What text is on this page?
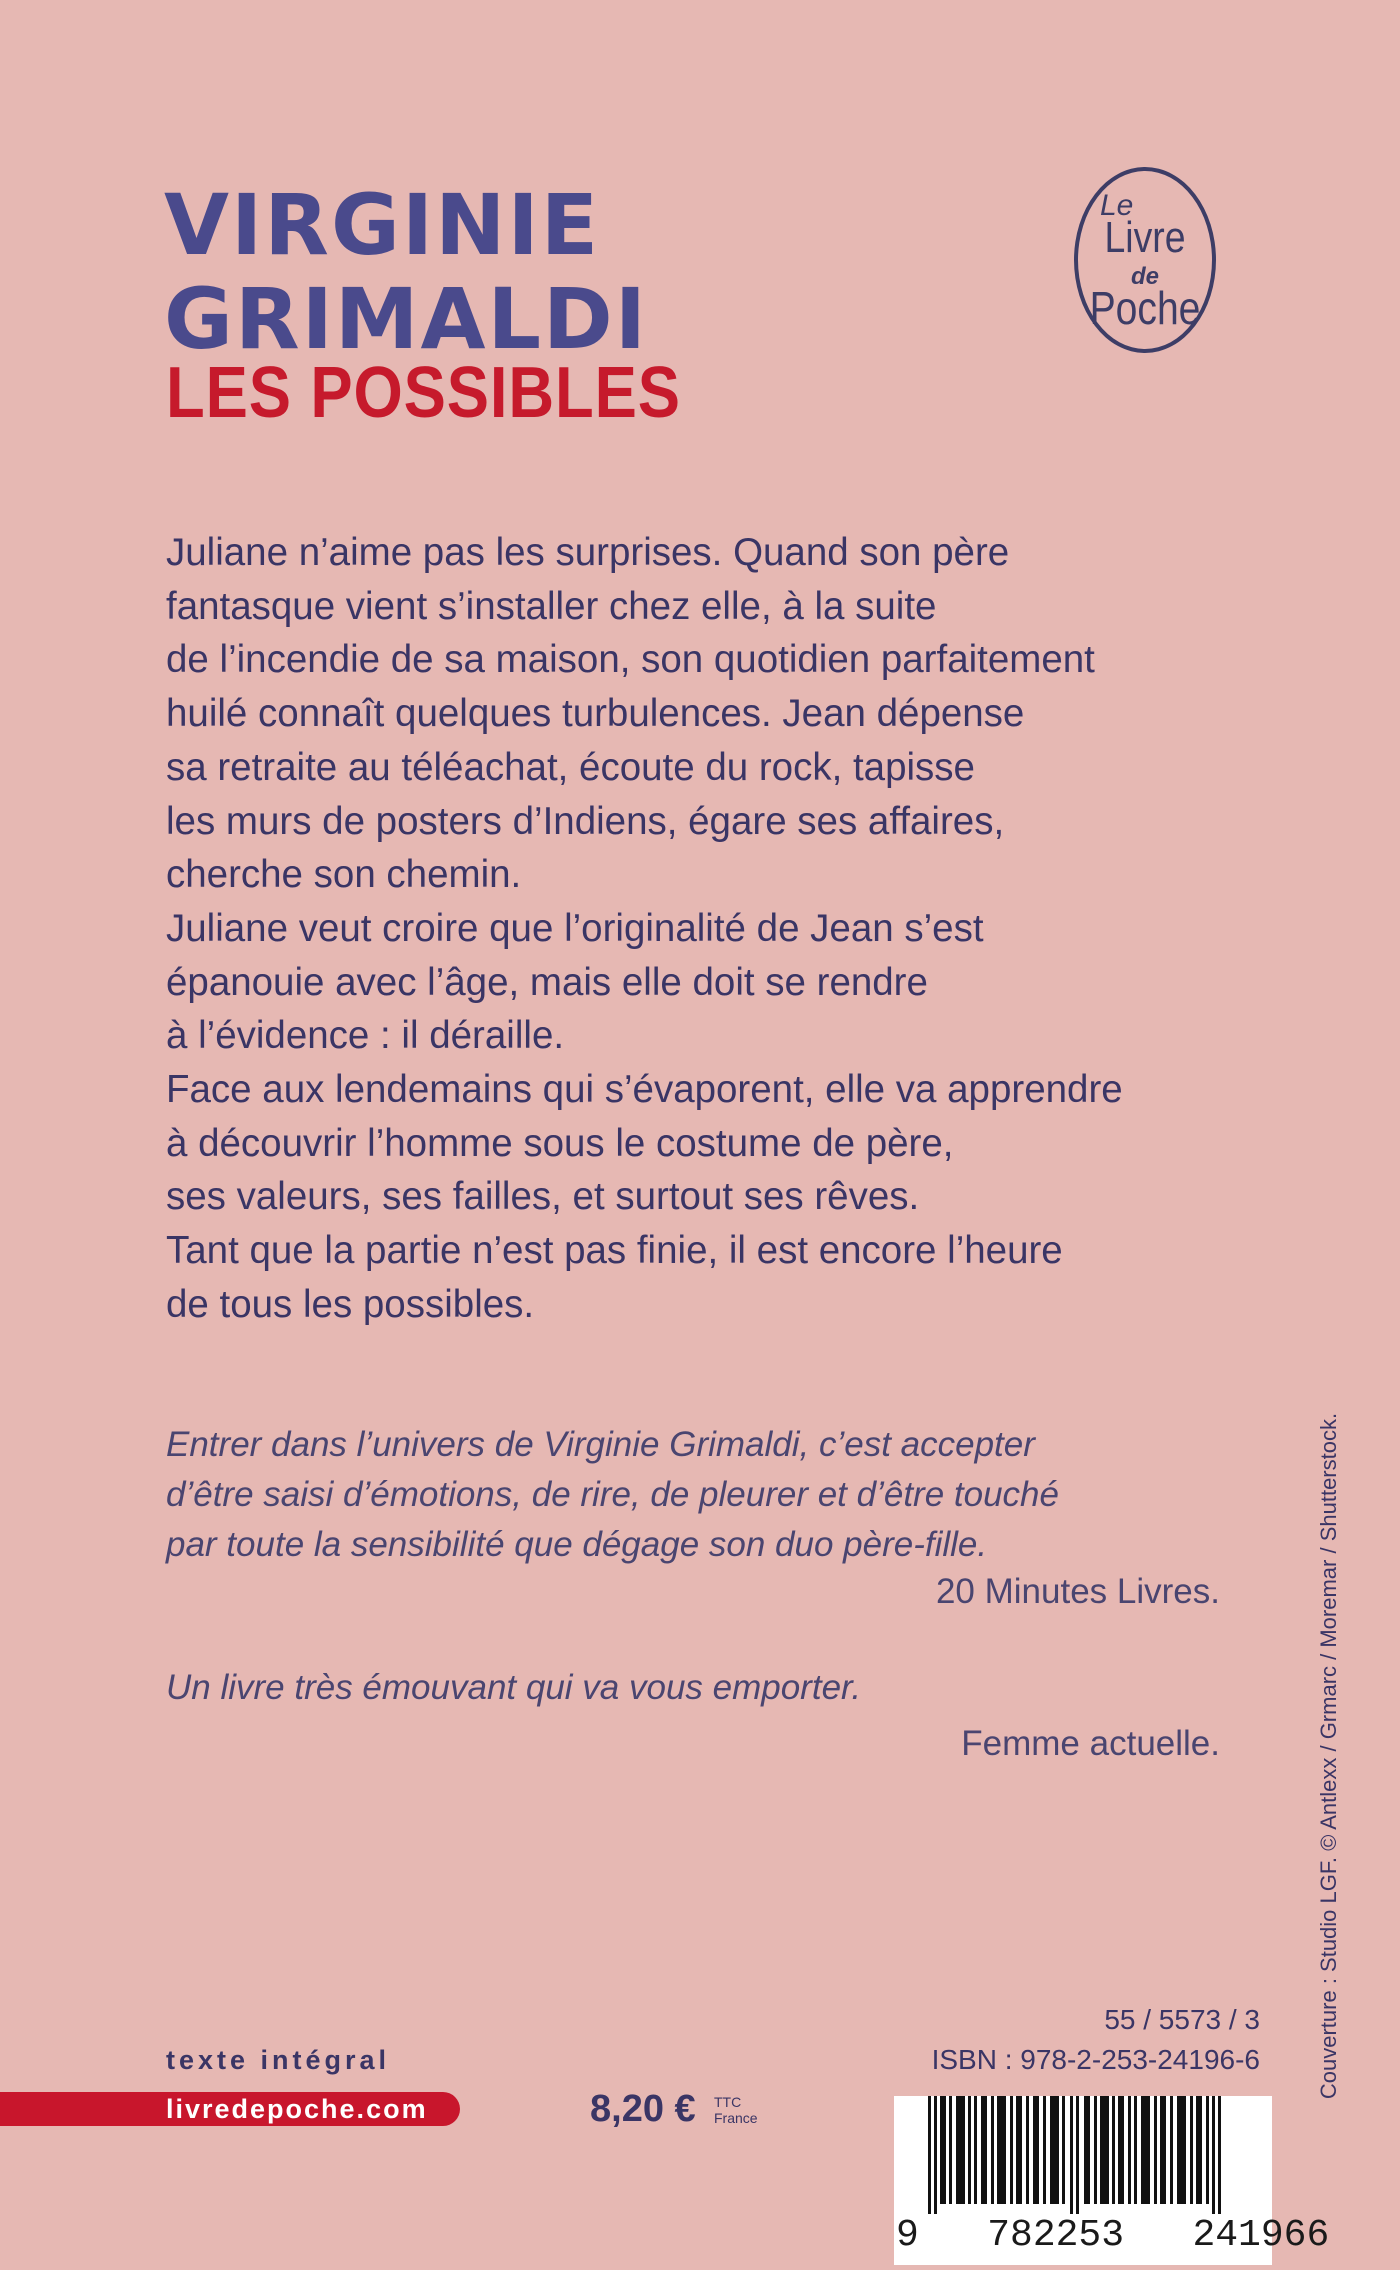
VIRGINIE
GRIMALDI
LES POSSIBLES
Le
Livre
de
Poche
Juliane n’aime pas les surprises. Quand son père
fantasque vient s’installer chez elle, à la suite
de l’incendie de sa maison, son quotidien parfaitement
huilé connaît quelques turbulences. Jean dépense
sa retraite au téléachat, écoute du rock, tapisse
les murs de posters d’Indiens, égare ses affaires,
cherche son chemin.
Juliane veut croire que l’originalité de Jean s’est
épanouie avec l’âge, mais elle doit se rendre
à l’évidence : il déraille.
Face aux lendemains qui s’évaporent, elle va apprendre
à découvrir l’homme sous le costume de père,
ses valeurs, ses failles, et surtout ses rêves.
Tant que la partie n’est pas finie, il est encore l’heure
de tous les possibles.
Entrer dans l’univers de Virginie Grimaldi, c’est accepter
d’être saisi d’émotions, de rire, de pleurer et d’être touché
par toute la sensibilité que dégage son duo père-fille.
20 Minutes Livres.
Un livre très émouvant qui va vous emporter.
Femme actuelle.
55 / 5573 / 3
ISBN : 978-2-253-24196-6
texte intégral
livredepoche.com	8,20 € TTC
France
9   782253   241966
Couverture : Studio LGF. © Antlexx / Grmarc / Moremar / Shutterstock.
